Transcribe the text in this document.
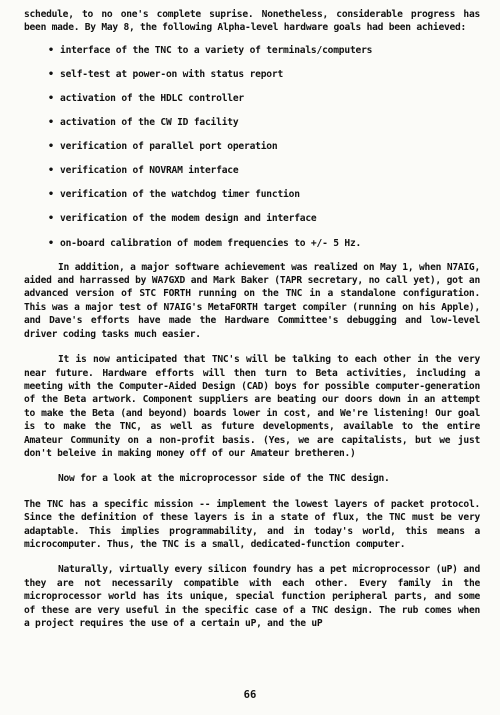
schedule, to no one's complete suprise. Nonetheless, considerable progress has been made. By May 8, the following Alpha-level hardware goals had been achieved:

• interface of the TNC to a variety of terminals/computers
• self-test at power-on with status report
• activation of the HDLC controller
• activation of the CW ID facility
• verification of parallel port operation
• verification of NOVRAM interface
• verification of the watchdog timer function
• verification of the modem design and interface
• on-board calibration of modem frequencies to +/- 5 Hz.

In addition, a major software achievement was realized on May 1, when N7AIG, aided and harrassed by WA7GXD and Mark Baker (TAPR secretary, no call yet), got an advanced version of STC FORTH running on the TNC in a standalone configuration. This was a major test of N7AIG's MetaFORTH target compiler (running on his Apple), and Dave's efforts have made the Hardware Committee's debugging and low-level driver coding tasks much easier.

It is now anticipated that TNC's will be talking to each other in the very near future. Hardware efforts will then turn to Beta activities, including a meeting with the Computer-Aided Design (CAD) boys for possible computer-generation of the Beta artwork. Component suppliers are beating our doors down in an attempt to make the Beta (and beyond) boards lower in cost, and We're listening! Our goal is to make the TNC, as well as future developments, available to the entire Amateur Community on a non-profit basis. (Yes, we are capitalists, but we just don't beleive in making money off of our Amateur bretheren.)

Now for a look at the microprocessor side of the TNC design.

The TNC has a specific mission -- implement the lowest layers of packet protocol. Since the definition of these layers is in a state of flux, the TNC must be very adaptable. This implies programmability, and in today's world, this means a microcomputer. Thus, the TNC is a small, dedicated-function computer.

Naturally, virtually every silicon foundry has a pet microprocessor (uP) and they are not necessarily compatible with each other. Every family in the microprocessor world has its unique, special function peripheral parts, and some of these are very useful in the specific case of a TNC design. The rub comes when a project requires the use of a certain uP, and the uP

66
